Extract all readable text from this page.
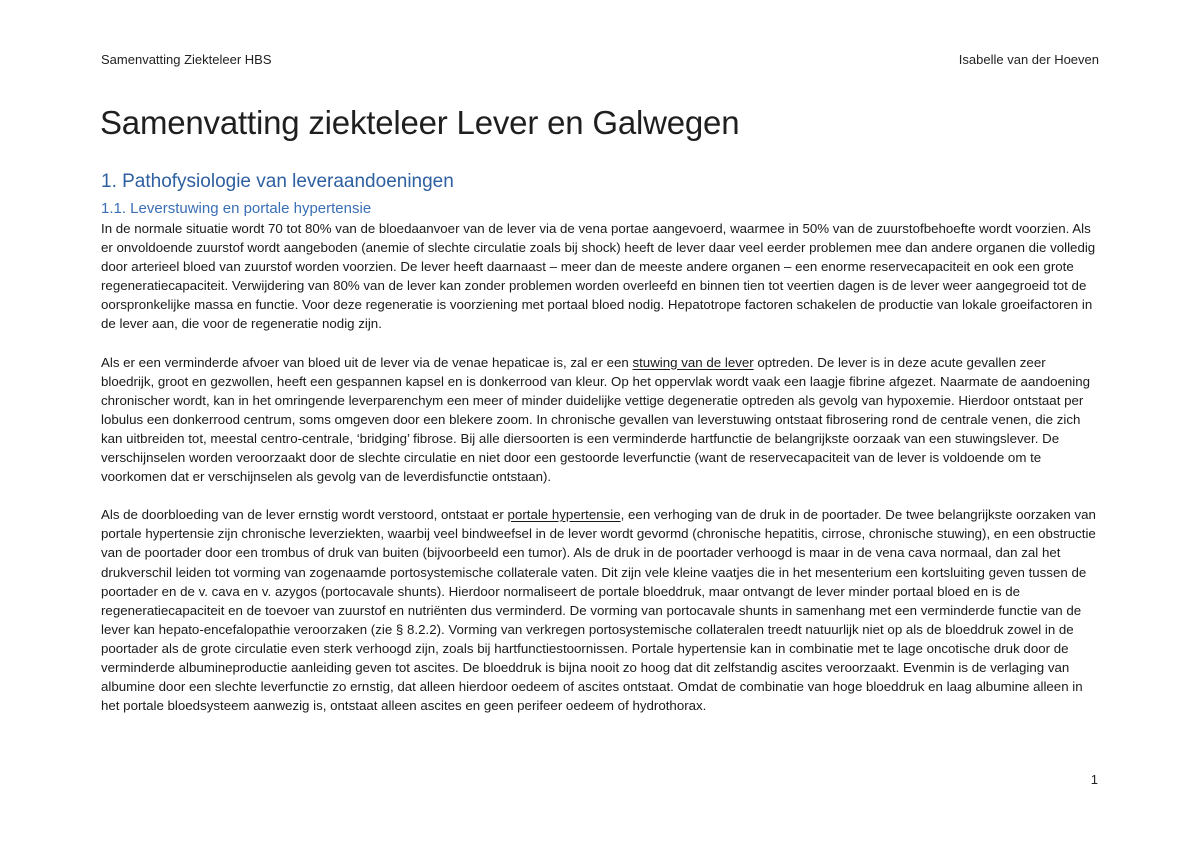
Samenvatting Ziekteleer HBS	Isabelle van der Hoeven
Samenvatting ziekteleer Lever en Galwegen
1. Pathofysiologie van leveraandoeningen
1.1. Leverstuwing en portale hypertensie

In de normale situatie wordt 70 tot 80% van de bloedaanvoer van de lever via de vena portae aangevoerd, waarmee in 50% van de zuurstofbehoefte wordt voorzien. Als er onvoldoende zuurstof wordt aangeboden (anemie of slechte circulatie zoals bij shock) heeft de lever daar veel eerder problemen mee dan andere organen die volledig door arterieel bloed van zuurstof worden voorzien. De lever heeft daarnaast – meer dan de meeste andere organen – een enorme reservecapaciteit en ook een grote regeneratiecapaciteit. Verwijdering van 80% van de lever kan zonder problemen worden overleefd en binnen tien tot veertien dagen is de lever weer aangegroeid tot de oorspronkelijke massa en functie. Voor deze regeneratie is voorziening met portaal bloed nodig. Hepatotrope factoren schakelen de productie van lokale groeifactoren in de lever aan, die voor de regeneratie nodig zijn.

Als er een verminderde afvoer van bloed uit de lever via de venae hepaticae is, zal er een stuwing van de lever optreden. De lever is in deze acute gevallen zeer bloedrijk, groot en gezwollen, heeft een gespannen kapsel en is donkerrood van kleur. Op het oppervlak wordt vaak een laagje fibrine afgezet. Naarmate de aandoening chronischer wordt, kan in het omringende leverparenchym een meer of minder duidelijke vettige degeneratie optreden als gevolg van hypoxemie. Hierdoor ontstaat per lobulus een donkerrood centrum, soms omgeven door een blekere zoom. In chronische gevallen van leverstuwing ontstaat fibrosering rond de centrale venen, die zich kan uitbreiden tot, meestal centro-centrale, ‘bridging’ fibrose. Bij alle diersoorten is een verminderde hartfunctie de belangrijkste oorzaak van een stuwingslever. De verschijnselen worden veroorzaakt door de slechte circulatie en niet door een gestoorde leverfunctie (want de reservecapaciteit van de lever is voldoende om te voorkomen dat er verschijnselen als gevolg van de leverdisfunctie ontstaan).

Als de doorbloeding van de lever ernstig wordt verstoord, ontstaat er portale hypertensie, een verhoging van de druk in de poortader. De twee belangrijkste oorzaken van portale hypertensie zijn chronische leverziekten, waarbij veel bindweefsel in de lever wordt gevormd (chronische hepatitis, cirrose, chronische stuwing), en een obstructie van de poortader door een trombus of druk van buiten (bijvoorbeeld een tumor). Als de druk in de poortader verhoogd is maar in de vena cava normaal, dan zal het drukverschil leiden tot vorming van zogenaamde portosystemische collaterale vaten. Dit zijn vele kleine vaatjes die in het mesenterium een kortsluiting geven tussen de poortader en de v. cava en v. azygos (portocavale shunts). Hierdoor normaliseert de portale bloeddruk, maar ontvangt de lever minder portaal bloed en is de regeneratiecapaciteit en de toevoer van zuurstof en nutriënten dus verminderd. De vorming van portocavale shunts in samenhang met een verminderde functie van de lever kan hepato-encefalopathie veroorzaken (zie § 8.2.2). Vorming van verkregen portosystemische collateralen treedt natuurlijk niet op als de bloeddruk zowel in de poortader als de grote circulatie even sterk verhoogd zijn, zoals bij hartfunctiestoornissen. Portale hypertensie kan in combinatie met te lage oncotische druk door de verminderde albumineproductie aanleiding geven tot ascites. De bloeddruk is bijna nooit zo hoog dat dit zelfstandig ascites veroorzaakt. Evenmin is de verlaging van albumine door een slechte leverfunctie zo ernstig, dat alleen hierdoor oedeem of ascites ontstaat. Omdat de combinatie van hoge bloeddruk en laag albumine alleen in het portale bloedsysteem aanwezig is, ontstaat alleen ascites en geen perifeer oedeem of hydrothorax.

1
